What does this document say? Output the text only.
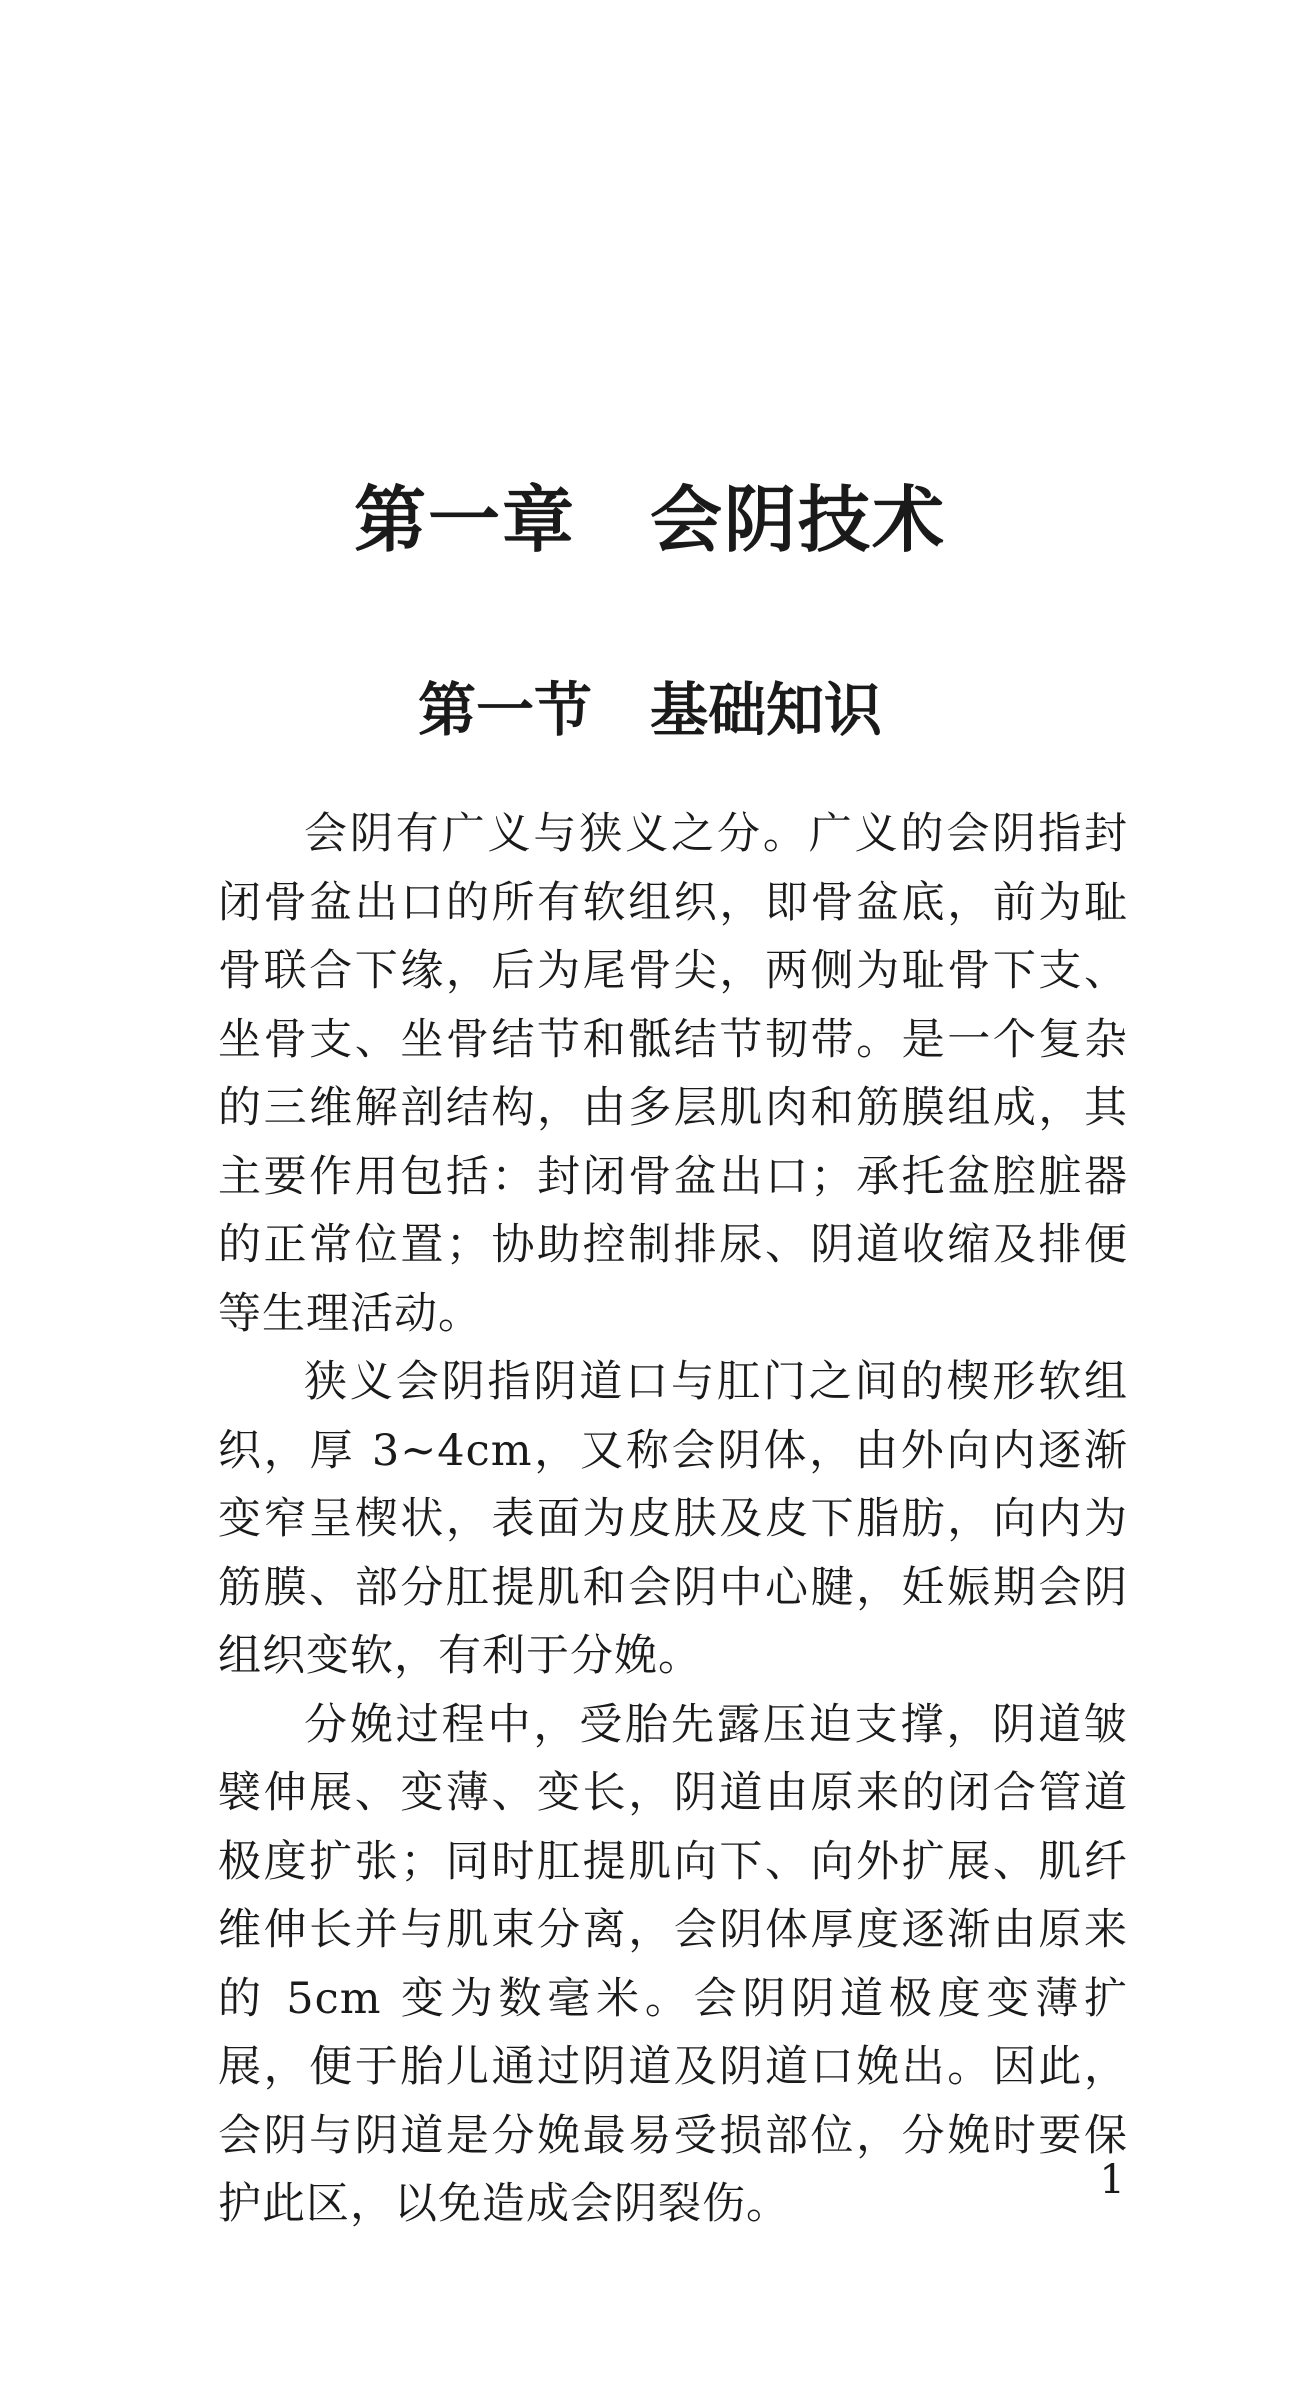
第一章　会阴技术
第一节　基础知识

会阴有广义与狭义之分。广义的会阴指封闭骨盆出口的所有软组织，即骨盆底，前为耻骨联合下缘，后为尾骨尖，两侧为耻骨下支、坐骨支、坐骨结节和骶结节韧带。是一个复杂的三维解剖结构，由多层肌肉和筋膜组成，其主要作用包括：封闭骨盆出口；承托盆腔脏器的正常位置；协助控制排尿、阴道收缩及排便等生理活动。

狭义会阴指阴道口与肛门之间的楔形软组织，厚 3~4cm，又称会阴体，由外向内逐渐变窄呈楔状，表面为皮肤及皮下脂肪，向内为筋膜、部分肛提肌和会阴中心腱，妊娠期会阴组织变软，有利于分娩。

分娩过程中，受胎先露压迫支撑，阴道皱襞伸展、变薄、变长，阴道由原来的闭合管道极度扩张；同时肛提肌向下、向外扩展、肌纤维伸长并与肌束分离，会阴体厚度逐渐由原来的 5cm 变为数毫米。会阴阴道极度变薄扩展，便于胎儿通过阴道及阴道口娩出。因此，会阴与阴道是分娩最易受损部位，分娩时要保护此区，以免造成会阴裂伤。	1
